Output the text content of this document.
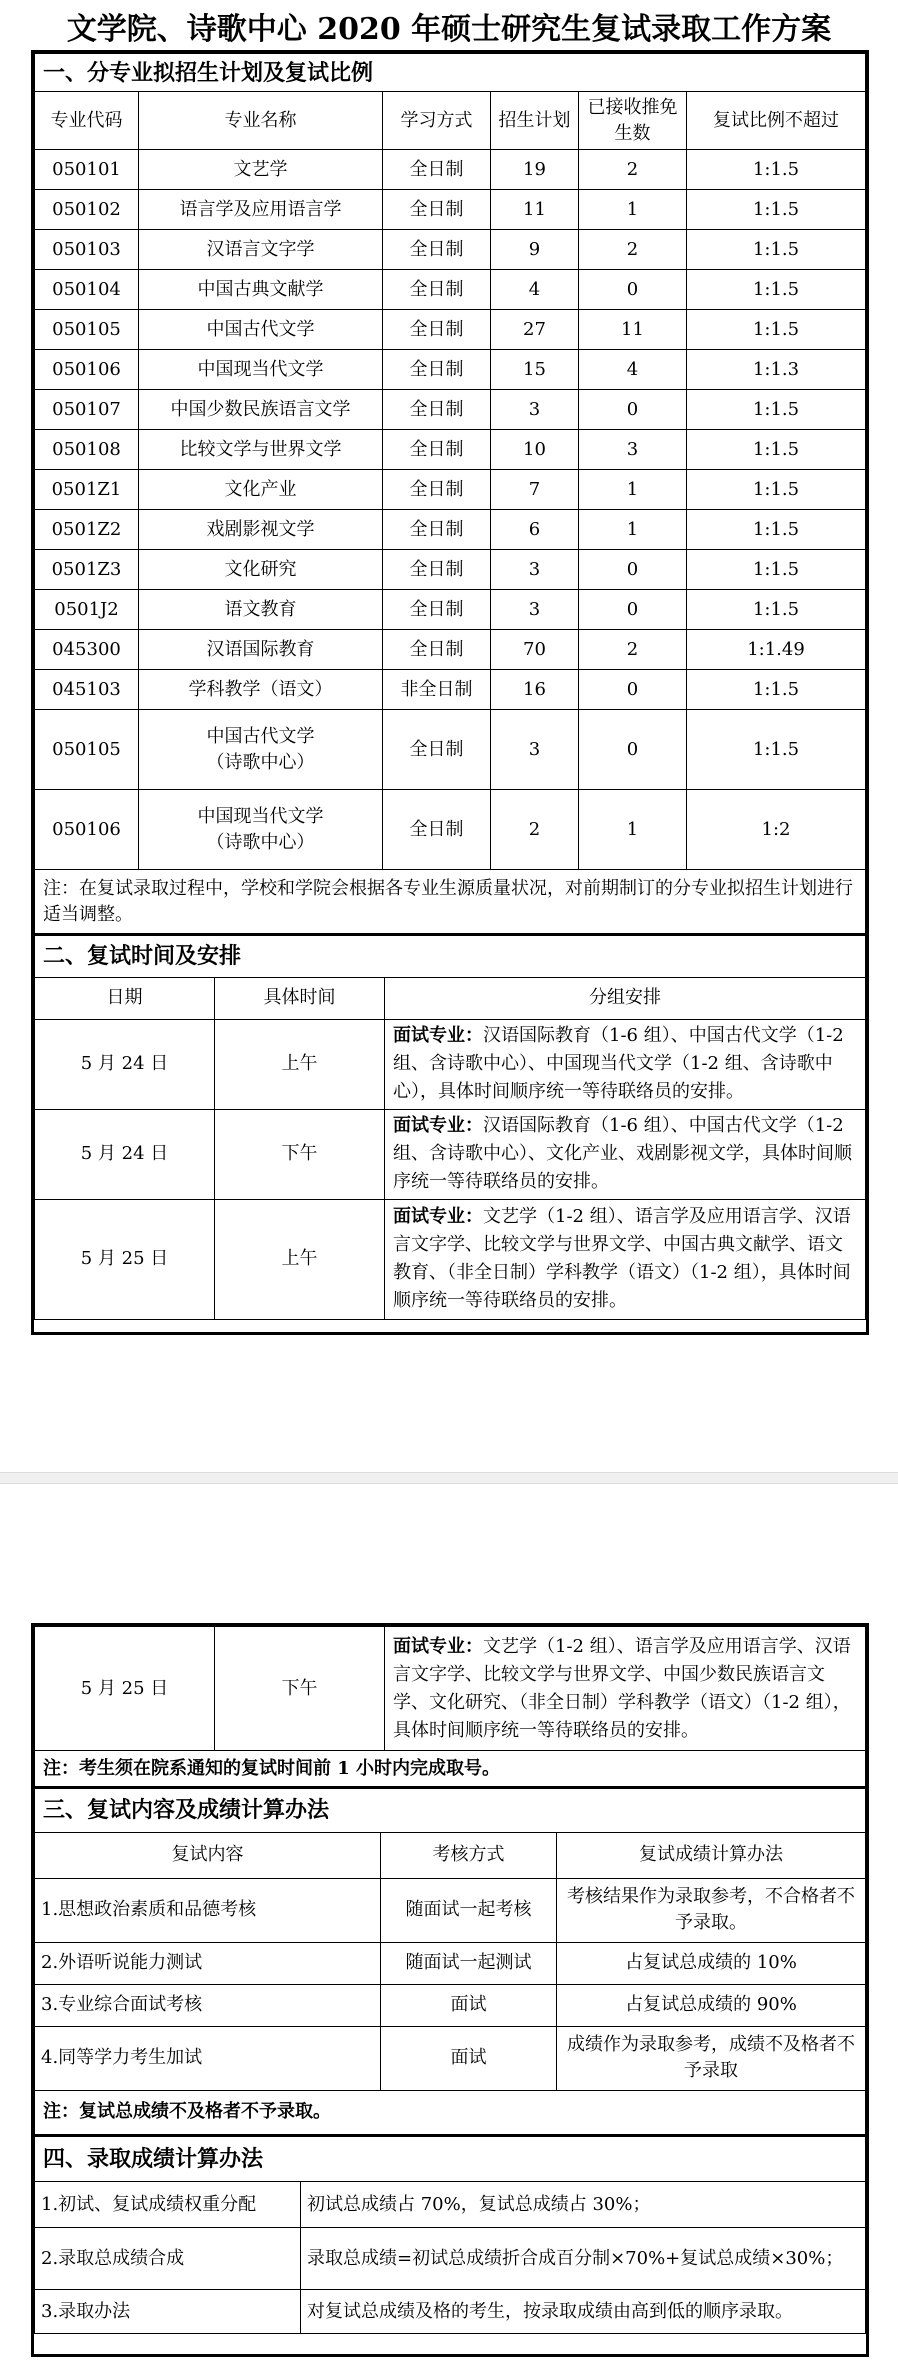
文学院、诗歌中心 2020 年硕士研究生复试录取工作方案
一、分专业拟招生计划及复试比例					
专业代码	专业名称	学习方式	招生计划	已接收推免生数	复试比例不超过
050101	文艺学	全日制	19	2	1:1.5
050102	语言学及应用语言学	全日制	11	1	1:1.5
050103	汉语言文字学	全日制	9	2	1:1.5
050104	中国古典文献学	全日制	4	0	1:1.5
050105	中国古代文学	全日制	27	11	1:1.5
050106	中国现当代文学	全日制	15	4	1:1.3
050107	中国少数民族语言文学	全日制	3	0	1:1.5
050108	比较文学与世界文学	全日制	10	3	1:1.5
0501Z1	文化产业	全日制	7	1	1:1.5
0501Z2	戏剧影视文学	全日制	6	1	1:1.5
0501Z3	文化研究	全日制	3	0	1:1.5
0501J2	语文教育	全日制	3	0	1:1.5
045300	汉语国际教育	全日制	70	2	1:1.49
045103	学科教学（语文）	非全日制	16	0	1:1.5
050105	中国古代文学
（诗歌中心）	全日制	3	0	1:1.5
050106	中国现当代文学
（诗歌中心）	全日制	2	1	1:2
注：在复试录取过程中，学校和学院会根据各专业生源质量状况，对前期制订的分专业拟招生计划进行适当调整。					
二、复试时间及安排		
日期	具体时间	分组安排
5 月 24 日	上午	面试专业：汉语国际教育（1-6 组）、中国古代文学（1-2 组、含诗歌中心）、中国现当代文学（1-2 组、含诗歌中心），具体时间顺序统一等待联络员的安排。
5 月 24 日	下午	面试专业：汉语国际教育（1-6 组）、中国古代文学（1-2 组、含诗歌中心）、文化产业、戏剧影视文学，具体时间顺序统一等待联络员的安排。
5 月 25 日	上午	面试专业：文艺学（1-2 组）、语言学及应用语言学、汉语言文字学、比较文学与世界文学、中国古典文献学、语文教育、（非全日制）学科教学（语文）（1-2 组），具体时间顺序统一等待联络员的安排。
5 月 25 日	下午	面试专业：文艺学（1-2 组）、语言学及应用语言学、汉语言文字学、比较文学与世界文学、中国少数民族语言文学、文化研究、（非全日制）学科教学（语文）（1-2 组），具体时间顺序统一等待联络员的安排。
注：考生须在院系通知的复试时间前 1 小时内完成取号。
三、复试内容及成绩计算办法		
复试内容	考核方式	复试成绩计算办法
1.思想政治素质和品德考核	随面试一起考核	考核结果作为录取参考，不合格者不予录取。
2.外语听说能力测试	随面试一起测试	占复试总成绩的 10%
3.专业综合面试考核	面试	占复试总成绩的 90%
4.同等学力考生加试	面试	成绩作为录取参考，成绩不及格者不予录取
注：复试总成绩不及格者不予录取。		
四、录取成绩计算办法	
1.初试、复试成绩权重分配	初试总成绩占 70%，复试总成绩占 30%；
2.录取总成绩合成	录取总成绩=初试总成绩折合成百分制×70%+复试总成绩×30%；
3.录取办法	对复试总成绩及格的考生，按录取成绩由高到低的顺序录取。
